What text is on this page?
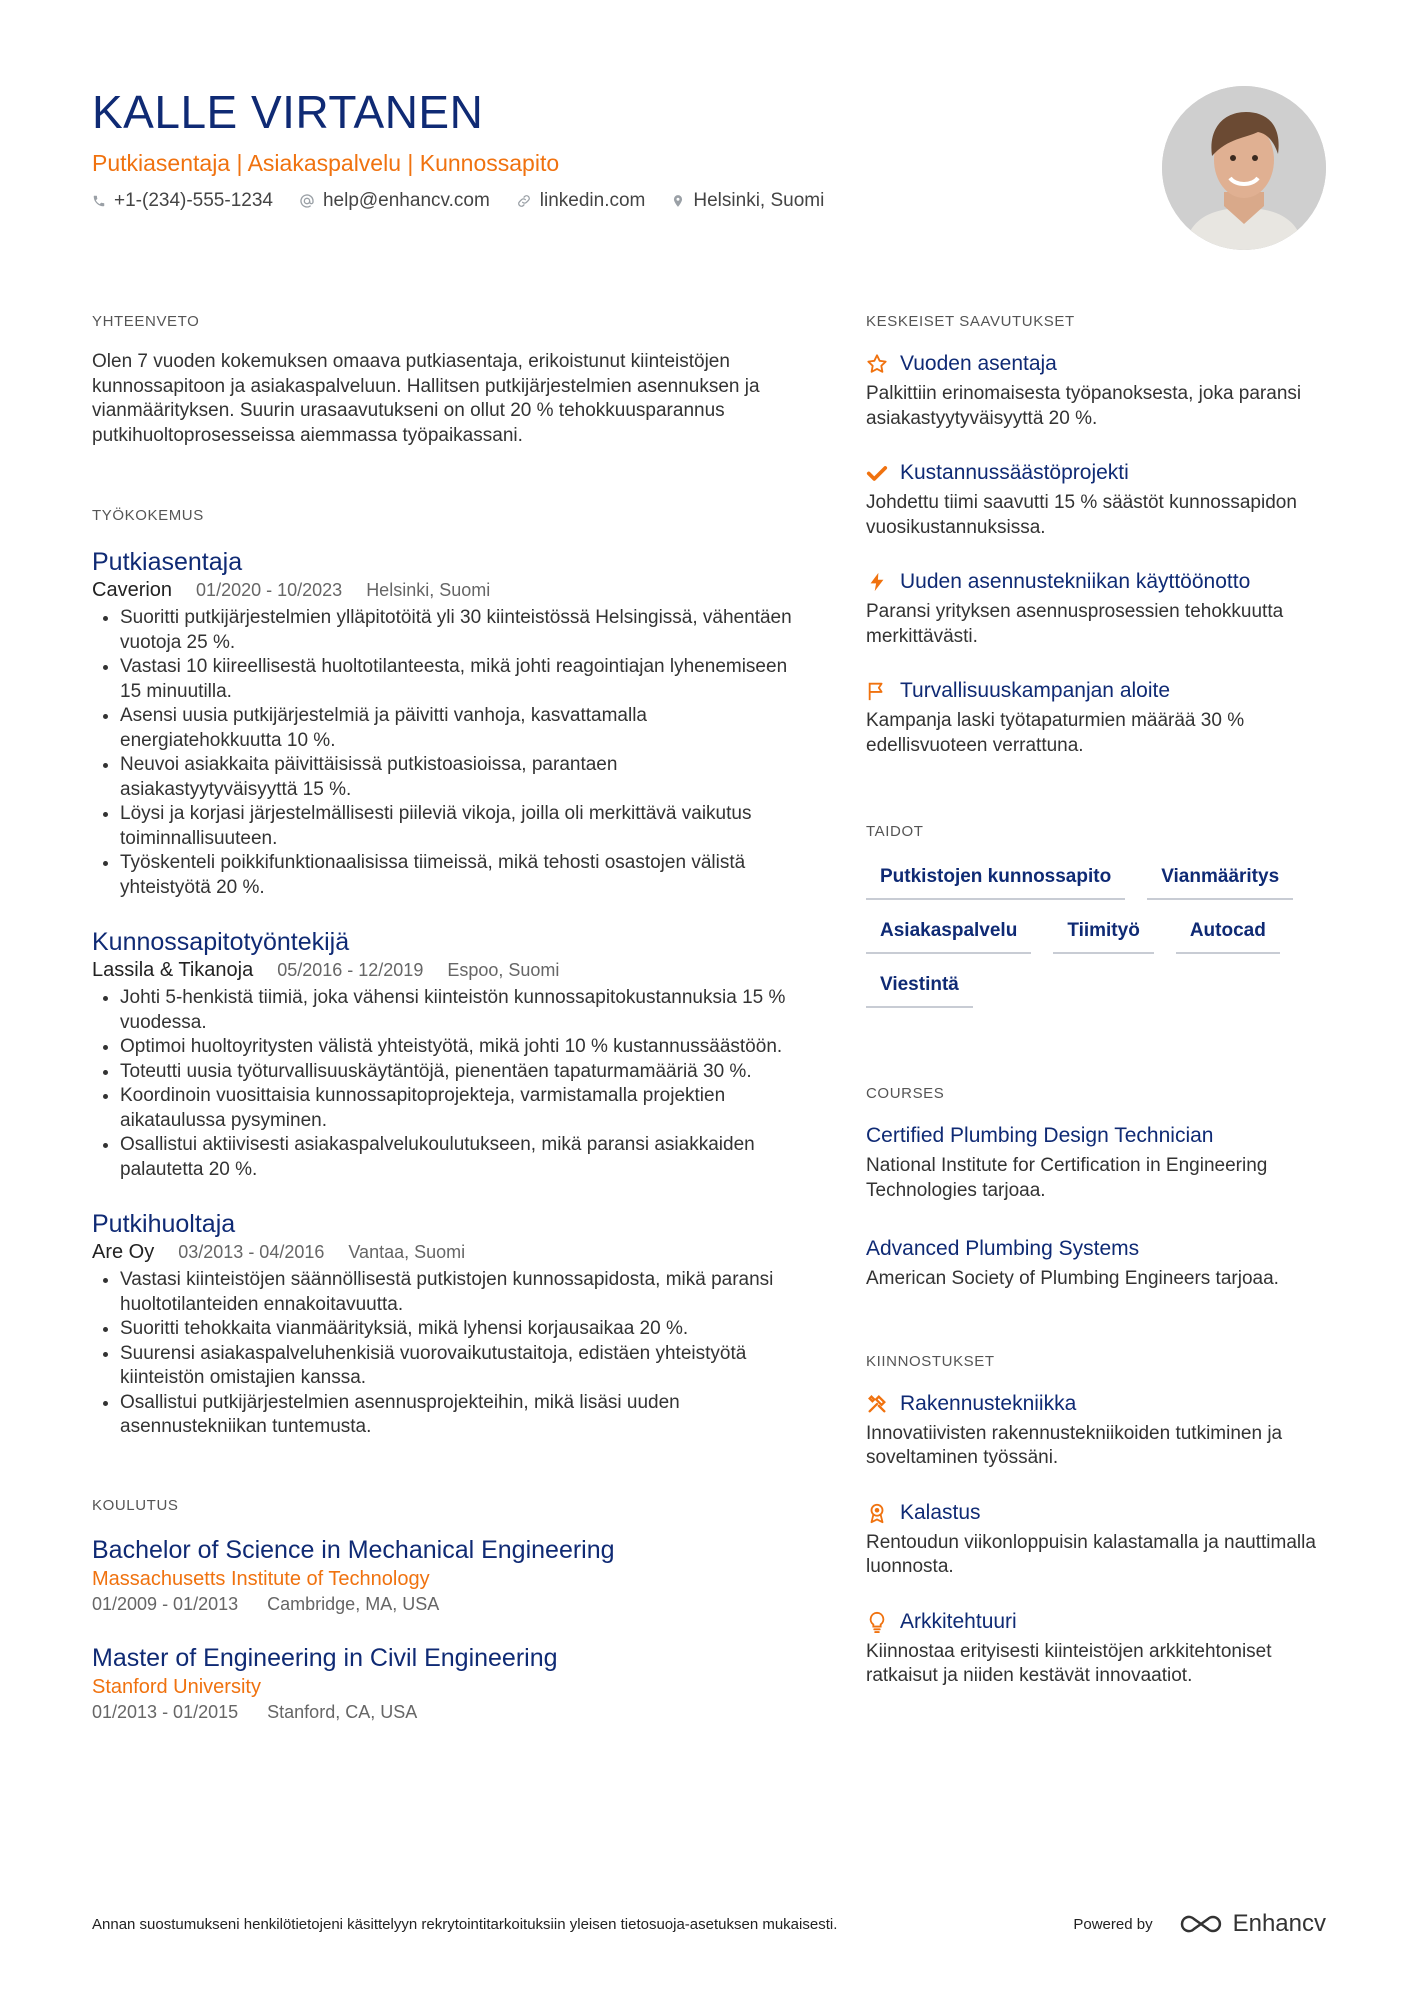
KALLE VIRTANEN
Putkiasentaja | Asiakaspalvelu | Kunnossapito
+1-(234)-555-1234	help@enhancv.com	linkedin.com	Helsinki, Suomi
YHTEENVETO
Olen 7 vuoden kokemuksen omaava putkiasentaja, erikoistunut kiinteistöjen kunnossapitoon ja asiakaspalveluun. Hallitsen putkijärjestelmien asennuksen ja vianmäärityksen. Suurin urasaavutukseni on ollut 20 % tehokkuusparannus putkihuoltoprosesseissa aiemmassa työpaikassani.
TYÖKOKEMUS
Putkiasentaja
Caverion 01/2020 - 10/2023 Helsinki, Suomi
• Suoritti putkijärjestelmien ylläpitotöitä yli 30 kiinteistössä Helsingissä, vähentäen vuotoja 25 %.
• Vastasi 10 kiireellisestä huoltotilanteesta, mikä johti reagointiajan lyhenemiseen 15 minuutilla.
• Asensi uusia putkijärjestelmiä ja päivitti vanhoja, kasvattamalla energiatehokkuutta 10 %.
• Neuvoi asiakkaita päivittäisissä putkistoasioissa, parantaen asiakastyytyväisyyttä 15 %.
• Löysi ja korjasi järjestelmällisesti piileviä vikoja, joilla oli merkittävä vaikutus toiminnallisuuteen.
• Työskenteli poikkifunktionaalisissa tiimeissä, mikä tehosti osastojen välistä yhteistyötä 20 %.
Kunnossapitotyöntekijä
Lassila & Tikanoja 05/2016 - 12/2019 Espoo, Suomi
• Johti 5-henkistä tiimiä, joka vähensi kiinteistön kunnossapitokustannuksia 15 % vuodessa.
• Optimoi huoltoyritysten välistä yhteistyötä, mikä johti 10 % kustannussäästöön.
• Toteutti uusia työturvallisuuskäytäntöjä, pienentäen tapaturmamääriä 30 %.
• Koordinoin vuosittaisia kunnossapitoprojekteja, varmistamalla projektien aikataulussa pysyminen.
• Osallistui aktiivisesti asiakaspalvelukoulutukseen, mikä paransi asiakkaiden palautetta 20 %.
Putkihuoltaja
Are Oy 03/2013 - 04/2016 Vantaa, Suomi
• Vastasi kiinteistöjen säännöllisestä putkistojen kunnossapidosta, mikä paransi huoltotilanteiden ennakoitavuutta.
• Suoritti tehokkaita vianmäärityksiä, mikä lyhensi korjausaikaa 20 %.
• Suurensi asiakaspalveluhenkisiä vuorovaikutustaitoja, edistäen yhteistyötä kiinteistön omistajien kanssa.
• Osallistui putkijärjestelmien asennusprojekteihin, mikä lisäsi uuden asennustekniikan tuntemusta.
KOULUTUS
Bachelor of Science in Mechanical Engineering
Massachusetts Institute of Technology
01/2009 - 01/2013 Cambridge, MA, USA
Master of Engineering in Civil Engineering
Stanford University
01/2013 - 01/2015 Stanford, CA, USA
KESKEISET SAAVUTUKSET
Vuoden asentaja
Palkittiin erinomaisesta työpanoksesta, joka paransi asiakastyytyväisyyttä 20 %.
Kustannussäästöprojekti
Johdettu tiimi saavutti 15 % säästöt kunnossapidon vuosikustannuksissa.
Uuden asennustekniikan käyttöönotto
Paransi yrityksen asennusprosessien tehokkuutta merkittävästi.
Turvallisuuskampanjan aloite
Kampanja laski työtapaturmien määrää 30 % edellisvuoteen verrattuna.
TAIDOT
Putkistojen kunnossapito	Vianmääritys
Asiakaspalvelu	Tiimityö	Autocad
Viestintä
COURSES
Certified Plumbing Design Technician
National Institute for Certification in Engineering Technologies tarjoaa.
Advanced Plumbing Systems
American Society of Plumbing Engineers tarjoaa.
KIINNOSTUKSET
Rakennustekniikka
Innovatiivisten rakennustekniikoiden tutkiminen ja soveltaminen työssäni.
Kalastus
Rentoudun viikonloppuisin kalastamalla ja nauttimalla luonnosta.
Arkkitehtuuri
Kiinnostaa erityisesti kiinteistöjen arkkitehtoniset ratkaisut ja niiden kestävät innovaatiot.
Annan suostumukseni henkilötietojeni käsittelyyn rekrytointitarkoituksiin yleisen tietosuoja-asetuksen mukaisesti.	Powered by	Enhancv
